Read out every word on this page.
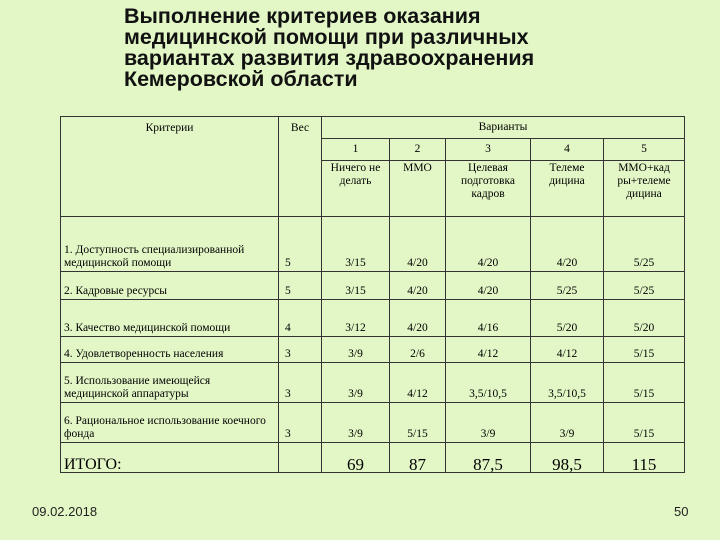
Выполнение критериев оказания
медицинской помощи при различных
вариантах развития здравоохранения
Кемеровской области
Критерии	Вес	Варианты				
		1	2	3	4	5
		Ничего не делать	ММО	Целевая подготовка кадров	Телеме дицина	ММО+кад ры+телеме дицина
1. Доступность специализированной медицинской помощи	5	3/15	4/20	4/20	4/20	5/25
2. Кадровые ресурсы	5	3/15	4/20	4/20	5/25	5/25
3. Качество медицинской помощи	4	3/12	4/20	4/16	5/20	5/20
4. Удовлетворенность населения	3	3/9	2/6	4/12	4/12	5/15
5. Использование имеющейся медицинской аппаратуры	3	3/9	4/12	3,5/10,5	3,5/10,5	5/15
6. Рациональное использование коечного фонда	3	3/9	5/15	3/9	3/9	5/15
ИТОГО:		69	87	87,5	98,5	115
09.02.2018	50
